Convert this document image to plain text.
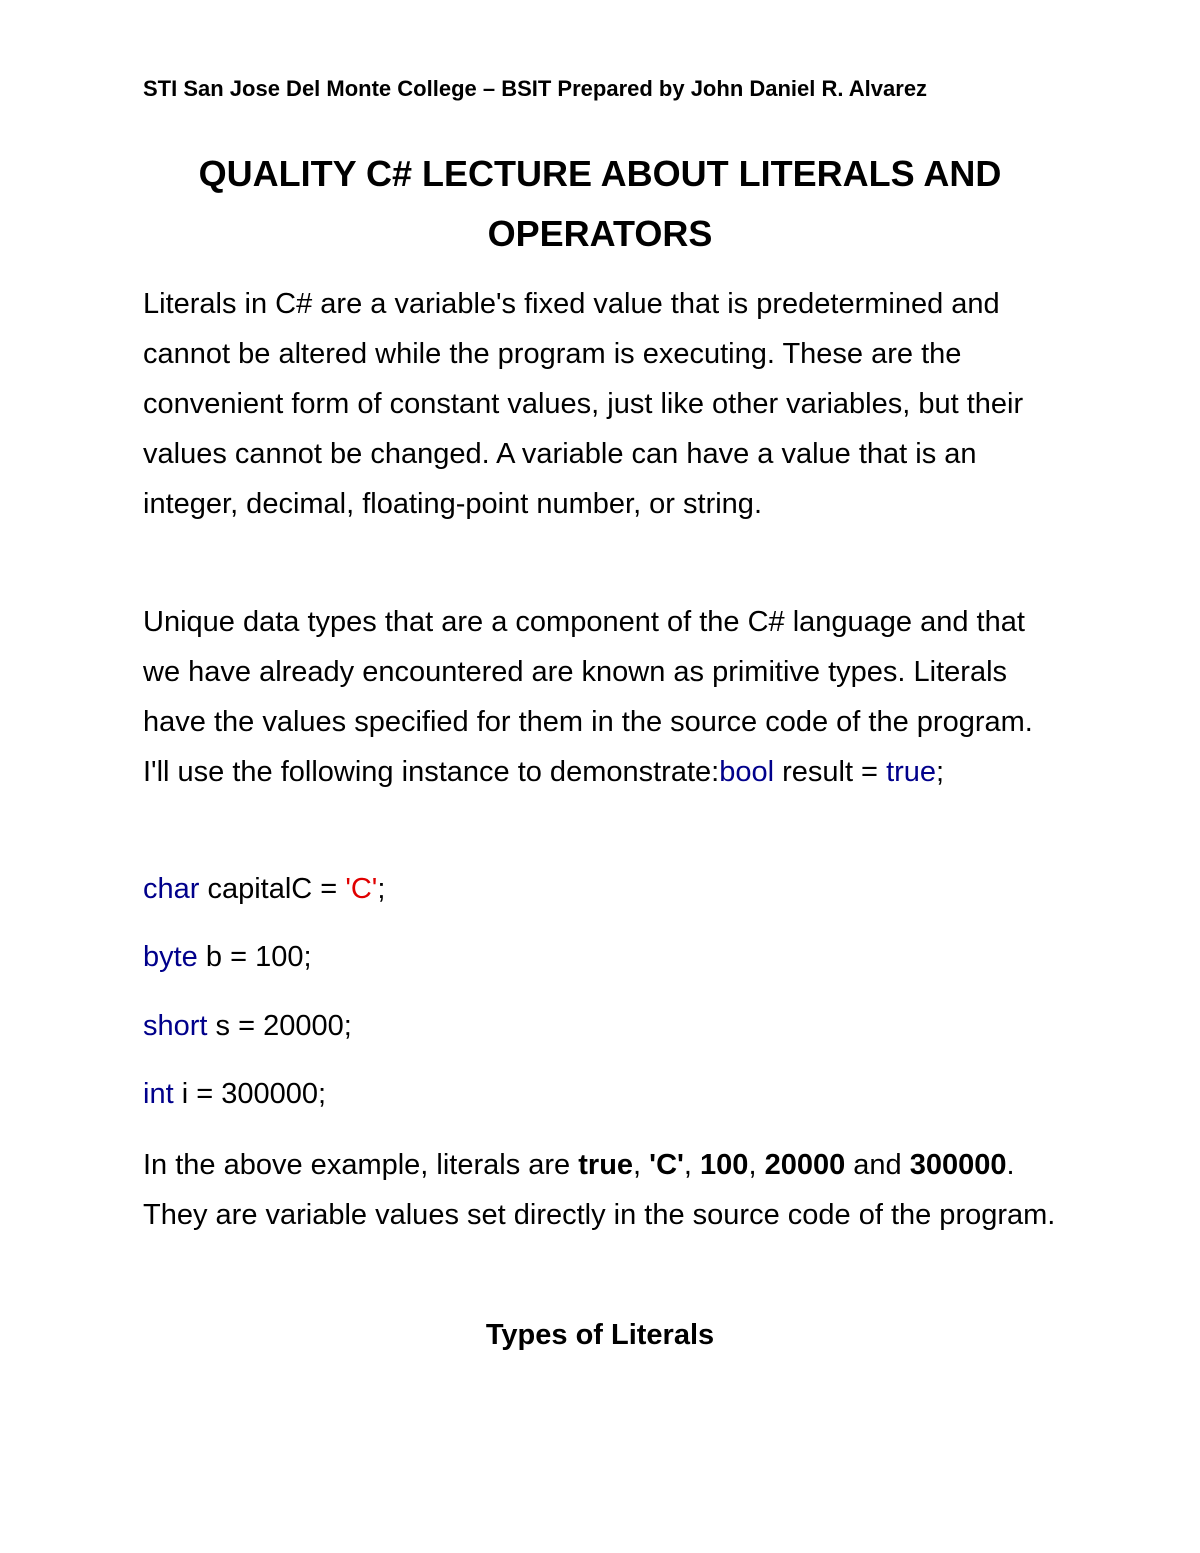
STI San Jose Del Monte College – BSIT Prepared by John Daniel R. Alvarez
QUALITY C# LECTURE ABOUT LITERALS AND
OPERATORS

Literals in C# are a variable's fixed value that is predetermined and cannot be altered while the program is executing. These are the convenient form of constant values, just like other variables, but their values cannot be changed. A variable can have a value that is an integer, decimal, floating-point number, or string.

Unique data types that are a component of the C# language and that we have already encountered are known as primitive types. Literals have the values specified for them in the source code of the program. I'll use the following instance to demonstrate:bool result = true;

char capitalC = 'C';

byte b = 100;

short s = 20000;

int i = 300000;

In the above example, literals are true, 'C', 100, 20000 and 300000. They are variable values set directly in the source code of the program.

Types of Literals
